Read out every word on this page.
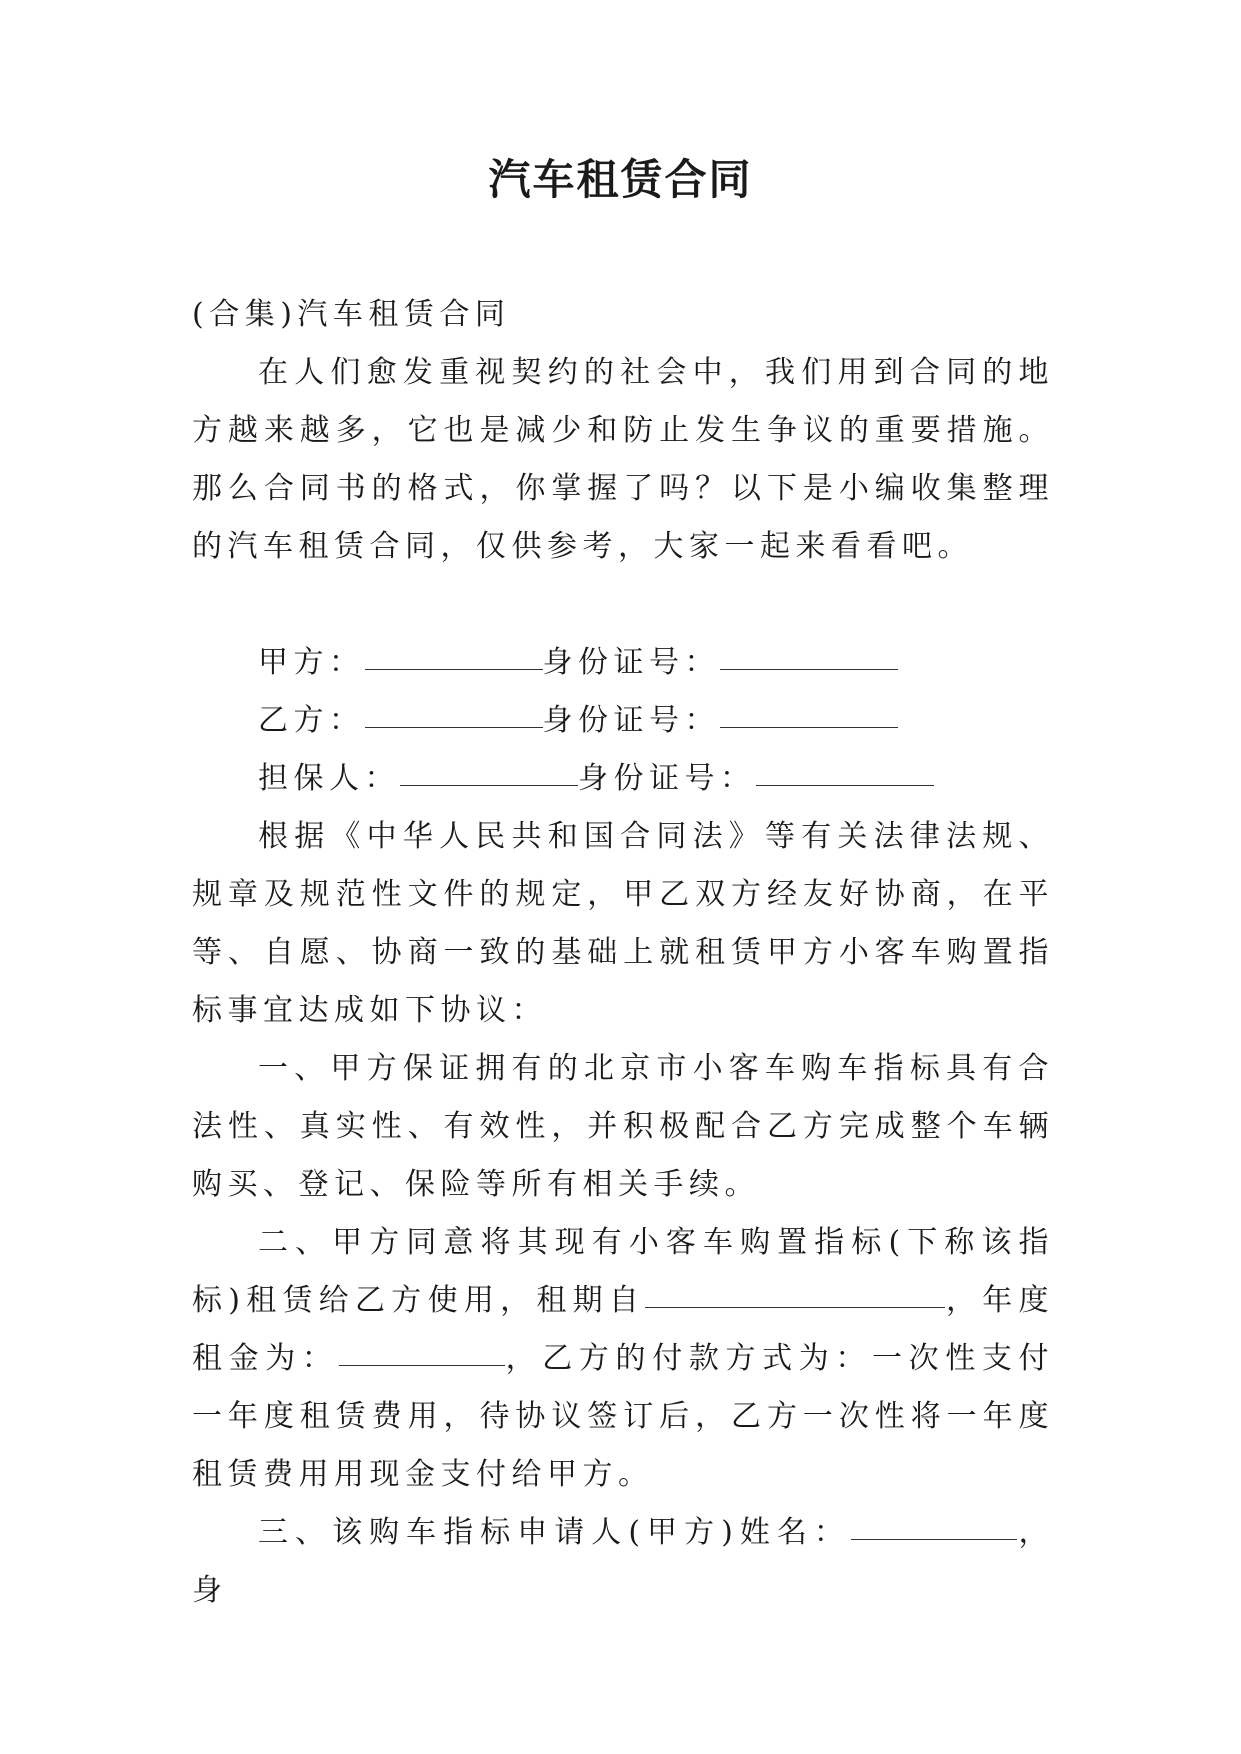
汽车租赁合同

(合集)汽车租赁合同

在人们愈发重视契约的社会中，我们用到合同的地方越来越多，它也是减少和防止发生争议的重要措施。那么合同书的格式，你掌握了吗？以下是小编收集整理的汽车租赁合同，仅供参考，大家一起来看看吧。

甲方：	身份证号：

乙方：	身份证号：

担保人：	身份证号：

根据《中华人民共和国合同法》等有关法律法规、规章及规范性文件的规定，甲乙双方经友好协商，在平等、自愿、协商一致的基础上就租赁甲方小客车购置指标事宜达成如下协议：

一、甲方保证拥有的北京市小客车购车指标具有合法性、真实性、有效性，并积极配合乙方完成整个车辆购买、登记、保险等所有相关手续。

二、甲方同意将其现有小客车购置指标(下称该指标)租赁给乙方使用，租期自	，年度租金为：	，乙方的付款方式为：一次性支付一年度租赁费用，待协议签订后，乙方一次性将一年度租赁费用用现金支付给甲方。

三、该购车指标申请人(甲方)姓名：	，身
